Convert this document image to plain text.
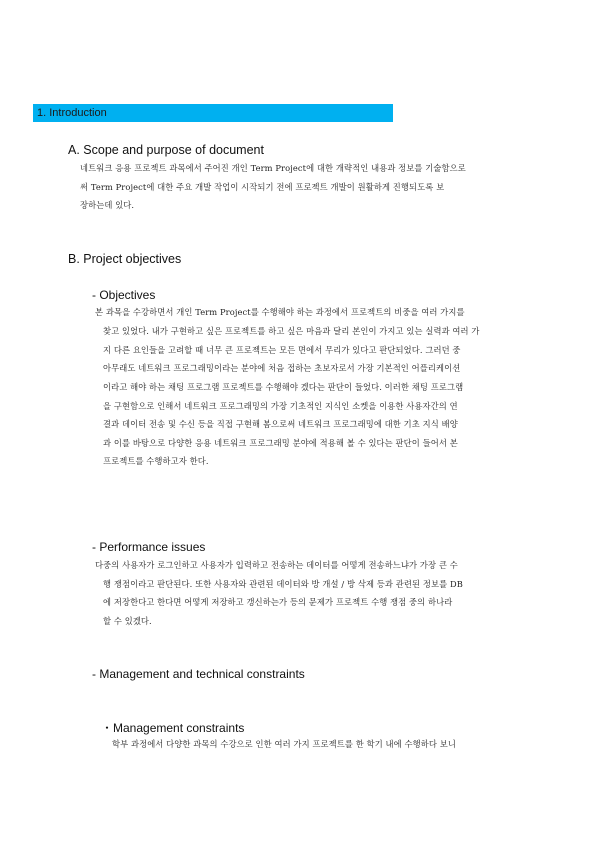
1. Introduction
A. Scope and purpose of document
네트워크 응용 프로젝트 과목에서 주어진 개인 Term Project에 대한 개략적인 내용과 정보를 기술함으로
써 Term Project에 대한 주요 개발 작업이 시작되기 전에 프로젝트 개발이 원활하게 진행되도록 보
장하는데 있다.
B. Project objectives
- Objectives
본 과목을 수강하면서 개인 Term Project를 수행해야 하는 과정에서 프로젝트의 비중을 여러 가지를
찾고 있었다. 내가 구현하고 싶은 프로젝트를 하고 싶은 마음과 달리 본인이 가지고 있는 실력과 여러 가
지 다른 요인들을 고려할 때 너무 큰 프로젝트는 모든 면에서 무리가 있다고 판단되었다. 그러던 중
아무래도 네트워크 프로그래밍이라는 분야에 처음 접하는 초보자로서 가장 기본적인 어플리케이션
이라고 해야 하는 채팅 프로그램 프로젝트를 수행해야 겠다는 판단이 들었다. 이러한 채팅 프로그램
을 구현함으로 인해서 네트워크 프로그래밍의 가장 기초적인 지식인 소켓을 이용한 사용자간의 연
결과 데이터 전송 및 수신 등을 직접 구현해 봄으로써 네트워크 프로그래밍에 대한 기초 지식 배양
과 이를 바탕으로 다양한 응용 네트워크 프로그래밍 분야에 적용해 볼 수 있다는 판단이 들어서 본
프로젝트를 수행하고자 한다.
- Performance issues
다중의 사용자가 로그인하고 사용자가 입력하고 전송하는 데이터를 어떻게 전송하느냐가 가장 큰 수
행 쟁점이라고 판단된다. 또한 사용자와 관련된 데이터와 방 개설 / 방 삭제 등과 관련된 정보를 DB
에 저장한다고 한다면 어떻게 저장하고 갱신하는가 등의 문제가 프로젝트 수행 쟁점 중의 하나라
할 수 있겠다.
- Management and technical constraints
・Management constraints
학부 과정에서 다양한 과목의 수강으로 인한 여러 가지 프로젝트를 한 학기 내에 수행하다 보니
